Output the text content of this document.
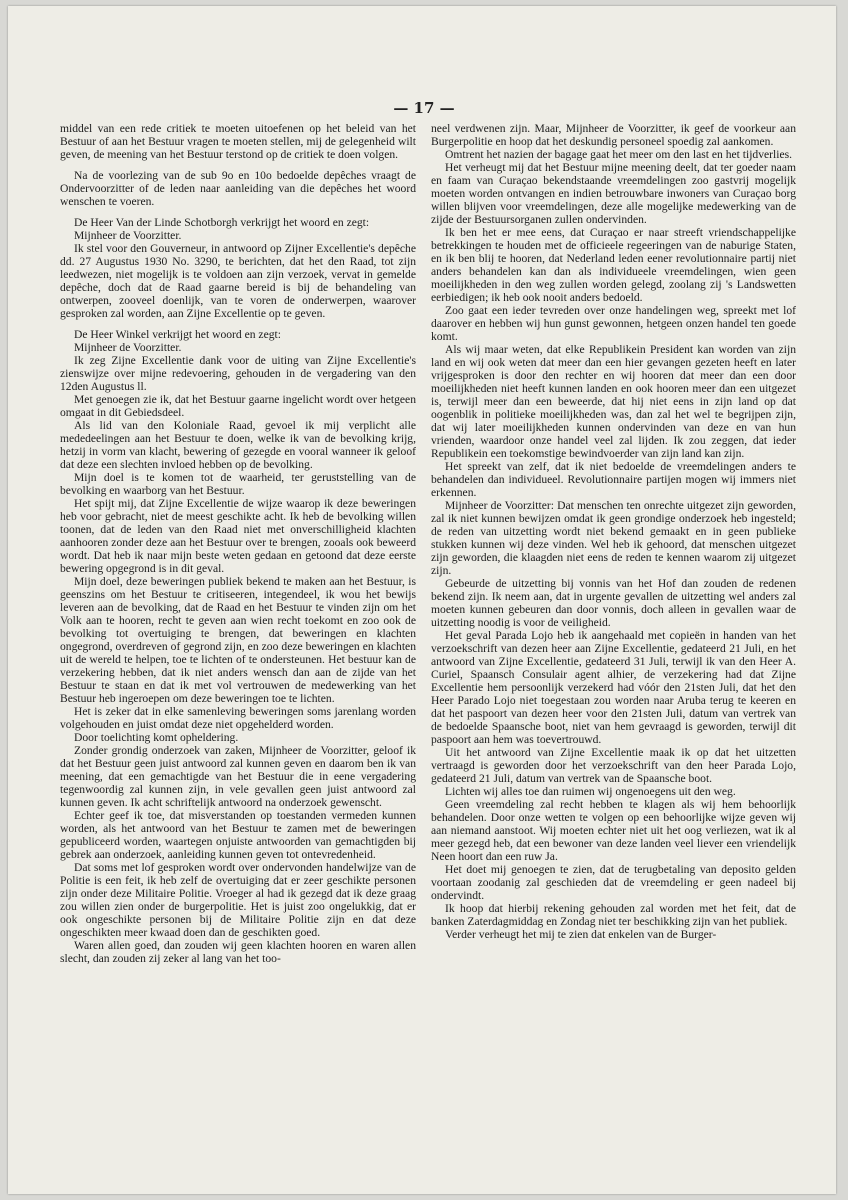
— 17 —

middel van een rede critiek te moeten uitoefenen op het beleid van het Bestuur of aan het Bestuur vragen te moeten stellen, mij de gelegenheid wilt geven, de meening van het Bestuur terstond op de critiek te doen volgen.

Na de voorlezing van de sub 9o en 10o bedoelde depêches vraagt de Ondervoorzitter of de leden naar aanleiding van die depêches het woord wenschen te voeren.

De Heer Van der Linde Schotborgh verkrijgt het woord en zegt:

Mijnheer de Voorzitter.

Ik stel voor den Gouverneur, in antwoord op Zijner Excellentie's depêche dd. 27 Augustus 1930 No. 3290, te berichten, dat het den Raad, tot zijn leedwezen, niet mogelijk is te voldoen aan zijn verzoek, vervat in gemelde depêche, doch dat de Raad gaarne bereid is bij de behandeling van ontwerpen, zooveel doenlijk, van te voren de onderwerpen, waarover gesproken zal worden, aan Zijne Excellentie op te geven.

De Heer Winkel verkrijgt het woord en zegt:

Mijnheer de Voorzitter.

Ik zeg Zijne Excellentie dank voor de uiting van Zijne Excellentie's zienswijze over mijne redevoering, gehouden in de vergadering van den 12den Augustus ll.

Met genoegen zie ik, dat het Bestuur gaarne ingelicht wordt over hetgeen omgaat in dit Gebiedsdeel.

Als lid van den Koloniale Raad, gevoel ik mij verplicht alle mededeelingen aan het Bestuur te doen, welke ik van de bevolking krijg, hetzij in vorm van klacht, bewering of gezegde en vooral wanneer ik geloof dat deze een slechten invloed hebben op de bevolking.

Mijn doel is te komen tot de waarheid, ter geruststelling van de bevolking en waarborg van het Bestuur.

Het spijt mij, dat Zijne Excellentie de wijze waarop ik deze beweringen heb voor gebracht, niet de meest geschikte acht. Ik heb de bevolking willen toonen, dat de leden van den Raad niet met onverschilligheid klachten aanhooren zonder deze aan het Bestuur over te brengen, zooals ook beweerd wordt. Dat heb ik naar mijn beste weten gedaan en getoond dat deze eerste bewering opgegrond is in dit geval.

Mijn doel, deze beweringen publiek bekend te maken aan het Bestuur, is geenszins om het Bestuur te critiseeren, integendeel, ik wou het bewijs leveren aan de bevolking, dat de Raad en het Bestuur te vinden zijn om het Volk aan te hooren, recht te geven aan wien recht toekomt en zoo ook de bevolking tot overtuiging te brengen, dat beweringen en klachten ongegrond, overdreven of gegrond zijn, en zoo deze beweringen en klachten uit de wereld te helpen, toe te lichten of te ondersteunen. Het bestuur kan de verzekering hebben, dat ik niet anders wensch dan aan de zijde van het Bestuur te staan en dat ik met vol vertrouwen de medewerking van het Bestuur heb ingeroepen om deze beweringen toe te lichten.

Het is zeker dat in elke samenleving beweringen soms jarenlang worden volgehouden en juist omdat deze niet opgehelderd worden.

Door toelichting komt opheldering.

Zonder grondig onderzoek van zaken, Mijnheer de Voorzitter, geloof ik dat het Bestuur geen juist antwoord zal kunnen geven en daarom ben ik van meening, dat een gemachtigde van het Bestuur die in eene vergadering tegenwoordig zal kunnen zijn, in vele gevallen geen juist antwoord zal kunnen geven. Ik acht schriftelijk antwoord na onderzoek gewenscht.

Echter geef ik toe, dat misverstanden op toestanden vermeden kunnen worden, als het antwoord van het Bestuur te zamen met de beweringen gepubliceerd worden, waartegen onjuiste antwoorden van gemachtigden bij gebrek aan onderzoek, aanleiding kunnen geven tot ontevredenheid.

Dat soms met lof gesproken wordt over ondervonden handelwijze van de Politie is een feit, ik heb zelf de overtuiging dat er zeer geschikte personen zijn onder deze Militaire Politie. Vroeger al had ik gezegd dat ik deze graag zou willen zien onder de burgerpolitie. Het is juist zoo ongelukkig, dat er ook ongeschikte personen bij de Militaire Politie zijn en dat deze ongeschikten meer kwaad doen dan de geschikten goed.

Waren allen goed, dan zouden wij geen klachten hooren en waren allen slecht, dan zouden zij zeker al lang van het too-

neel verdwenen zijn. Maar, Mijnheer de Voorzitter, ik geef de voorkeur aan Burgerpolitie en hoop dat het deskundig personeel spoedig zal aankomen.

Omtrent het nazien der bagage gaat het meer om den last en het tijdverlies.

Het verheugt mij dat het Bestuur mijne meening deelt, dat ter goeder naam en faam van Curaçao bekendstaande vreemdelingen zoo gastvrij mogelijk moeten worden ontvangen en indien betrouwbare inwoners van Curaçao borg willen blijven voor vreemdelingen, deze alle mogelijke medewerking van de zijde der Bestuursorganen zullen ondervinden.

Ik ben het er mee eens, dat Curaçao er naar streeft vriendschappelijke betrekkingen te houden met de officieele regeeringen van de naburige Staten, en ik ben blij te hooren, dat Nederland leden eener revolutionnaire partij niet anders behandelen kan dan als individueele vreemdelingen, wien geen moeilijkheden in den weg zullen worden gelegd, zoolang zij 's Landswetten eerbiedigen; ik heb ook nooit anders bedoeld.

Zoo gaat een ieder tevreden over onze handelingen weg, spreekt met lof daarover en hebben wij hun gunst gewonnen, hetgeen onzen handel ten goede komt.

Als wij maar weten, dat elke Republikein President kan worden van zijn land en wij ook weten dat meer dan een hier gevangen gezeten heeft en later vrijgesproken is door den rechter en wij hooren dat meer dan een door moeilijkheden niet heeft kunnen landen en ook hooren meer dan een uitgezet is, terwijl meer dan een beweerde, dat hij niet eens in zijn land op dat oogenblik in politieke moeilijkheden was, dan zal het wel te begrijpen zijn, dat wij later moeilijkheden kunnen ondervinden van deze en van hun vrienden, waardoor onze handel veel zal lijden. Ik zou zeggen, dat ieder Republikein een toekomstige bewindvoerder van zijn land kan zijn.

Het spreekt van zelf, dat ik niet bedoelde de vreemdelingen anders te behandelen dan individueel. Revolutionnaire partijen mogen wij immers niet erkennen.

Mijnheer de Voorzitter: Dat menschen ten onrechte uitgezet zijn geworden, zal ik niet kunnen bewijzen omdat ik geen grondige onderzoek heb ingesteld; de reden van uitzetting wordt niet bekend gemaakt en in geen publieke stukken kunnen wij deze vinden. Wel heb ik gehoord, dat menschen uitgezet zijn geworden, die klaagden niet eens de reden te kennen waarom zij uitgezet zijn.

Gebeurde de uitzetting bij vonnis van het Hof dan zouden de redenen bekend zijn. Ik neem aan, dat in urgente gevallen de uitzetting wel anders zal moeten kunnen gebeuren dan door vonnis, doch alleen in gevallen waar de uitzetting noodig is voor de veiligheid.

Het geval Parada Lojo heb ik aangehaald met copieën in handen van het verzoekschrift van dezen heer aan Zijne Excellentie, gedateerd 21 Juli, en het antwoord van Zijne Excellentie, gedateerd 31 Juli, terwijl ik van den Heer A. Curiel, Spaansch Consulair agent alhier, de verzekering had dat Zijne Excellentie hem persoonlijk verzekerd had vóór den 21sten Juli, dat het den Heer Parado Lojo niet toegestaan zou worden naar Aruba terug te keeren en dat het paspoort van dezen heer voor den 21sten Juli, datum van vertrek van de bedoelde Spaansche boot, niet van hem gevraagd is geworden, terwijl dit paspoort aan hem was toevertrouwd.

Uit het antwoord van Zijne Excellentie maak ik op dat het uitzetten vertraagd is geworden door het verzoekschrift van den heer Parada Lojo, gedateerd 21 Juli, datum van vertrek van de Spaansche boot.

Lichten wij alles toe dan ruimen wij ongenoegens uit den weg.

Geen vreemdeling zal recht hebben te klagen als wij hem behoorlijk behandelen. Door onze wetten te volgen op een behoorlijke wijze geven wij aan niemand aanstoot. Wij moeten echter niet uit het oog verliezen, wat ik al meer gezegd heb, dat een bewoner van deze landen veel liever een vriendelijk Neen hoort dan een ruw Ja.

Het doet mij genoegen te zien, dat de terugbetaling van deposito gelden voortaan zoodanig zal geschieden dat de vreemdeling er geen nadeel bij ondervindt.

Ik hoop dat hierbij rekening gehouden zal worden met het feit, dat de banken Zaterdagmiddag en Zondag niet ter beschikking zijn van het publiek.

Verder verheugt het mij te zien dat enkelen van de Burger-
